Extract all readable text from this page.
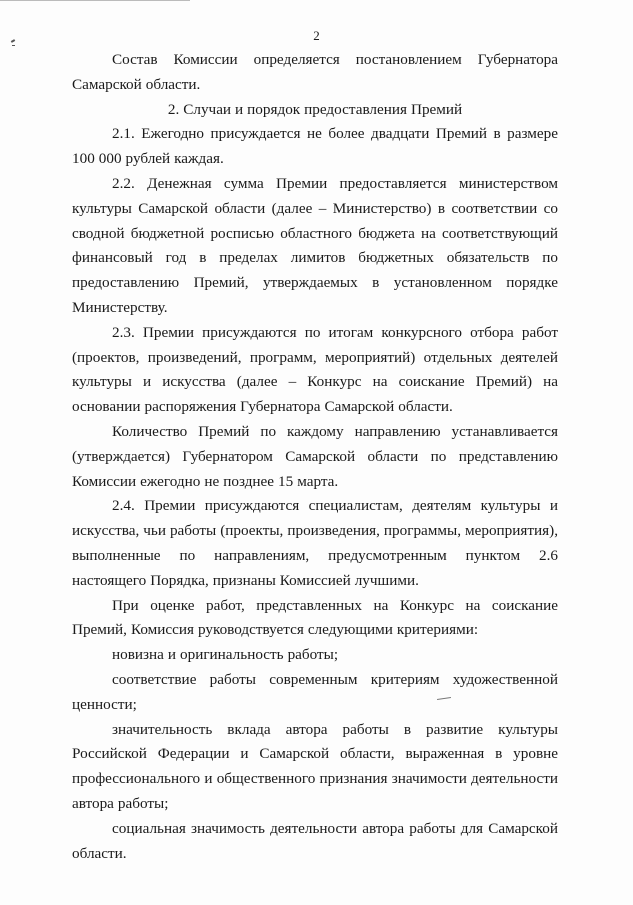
2

Состав Комиссии определяется постановлением Губернатора Самарской области.

2. Случаи и порядок предоставления Премий

2.1. Ежегодно присуждается не более двадцати Премий в размере 100 000 рублей каждая.

2.2. Денежная сумма Премии предоставляется министерством культуры Самарской области (далее – Министерство) в соответствии со сводной бюджетной росписью областного бюджета на соответствующий финансовый год в пределах лимитов бюджетных обязательств по предоставлению Премий, утверждаемых в установленном порядке Министерству.

2.3. Премии присуждаются по итогам конкурсного отбора работ (проектов, произведений, программ, мероприятий) отдельных деятелей культуры и искусства (далее – Конкурс на соискание Премий) на основании распоряжения Губернатора Самарской области.

Количество Премий по каждому направлению устанавливается (утверждается) Губернатором Самарской области по представлению Комиссии ежегодно не позднее 15 марта.

2.4. Премии присуждаются специалистам, деятелям культуры и искусства, чьи работы (проекты, произведения, программы, мероприятия), выполненные по направлениям, предусмотренным пунктом 2.6 настоящего Порядка, признаны Комиссией лучшими.

При оценке работ, представленных на Конкурс на соискание Премий, Комиссия руководствуется следующими критериями:

новизна и оригинальность работы;

соответствие работы современным критериям художественной ценности;

значительность вклада автора работы в развитие культуры Российской Федерации и Самарской области, выраженная в уровне профессионального и общественного признания значимости деятельности автора работы;

социальная значимость деятельности автора работы для Самарской области.
